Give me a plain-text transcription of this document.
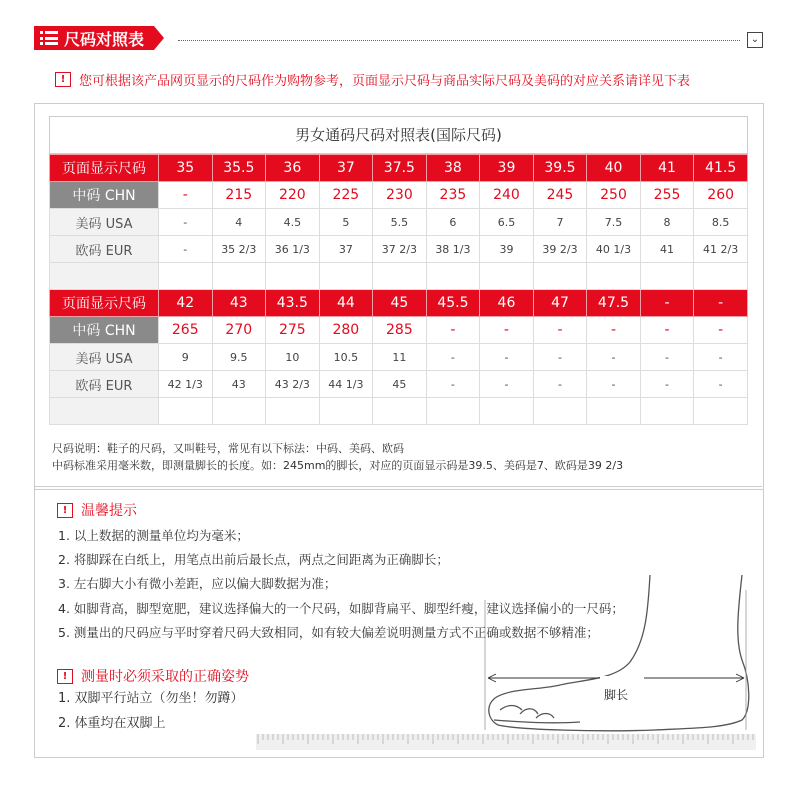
尺码对照表	⌄
!	您可根据该产品网页显示的尺码作为购物参考，页面显示尺码与商品实际尺码及美码的对应关系请详见下表
男女通码尺码对照表(国际尺码)
页面显示尺码	35	35.5	36	37	37.5	38	39	39.5	40	41	41.5
中码 CHN	-	215	220	225	230	235	240	245	250	255	260
美码 USA	-	4	4.5	5	5.5	6	6.5	7	7.5	8	8.5
欧码 EUR	-	35 2/3	36 1/3	37	37 2/3	38 1/3	39	39 2/3	40 1/3	41	41 2/3

页面显示尺码	42	43	43.5	44	45	45.5	46	47	47.5	-	-
中码 CHN	265	270	275	280	285	-	-	-	-	-	-
美码 USA	9	9.5	10	10.5	11	-	-	-	-	-	-
欧码 EUR	42 1/3	43	43 2/3	44 1/3	45	-	-	-	-	-	-

尺码说明：鞋子的尺码，又叫鞋号，常见有以下标法：中码、美码、欧码
中码标准采用毫米数，即测量脚长的长度。如：245mm的脚长，对应的页面显示码是39.5、美码是7、欧码是39 2/3
! 温馨提示
1. 以上数据的测量单位均为毫米；
2. 将脚踩在白纸上，用笔点出前后最长点，两点之间距离为正确脚长；
3. 左右脚大小有微小差距，应以偏大脚数据为准；
4. 如脚背高，脚型宽肥，建议选择偏大的一个尺码，如脚背扁平、脚型纤瘦，建议选择偏小的一尺码；
5. 测量出的尺码应与平时穿着尺码大致相同，如有较大偏差说明测量方式不正确或数据不够精准；
! 测量时必须采取的正确姿势
1. 双脚平行站立（勿坐！勿蹲）
2. 体重均在双脚上
脚长
